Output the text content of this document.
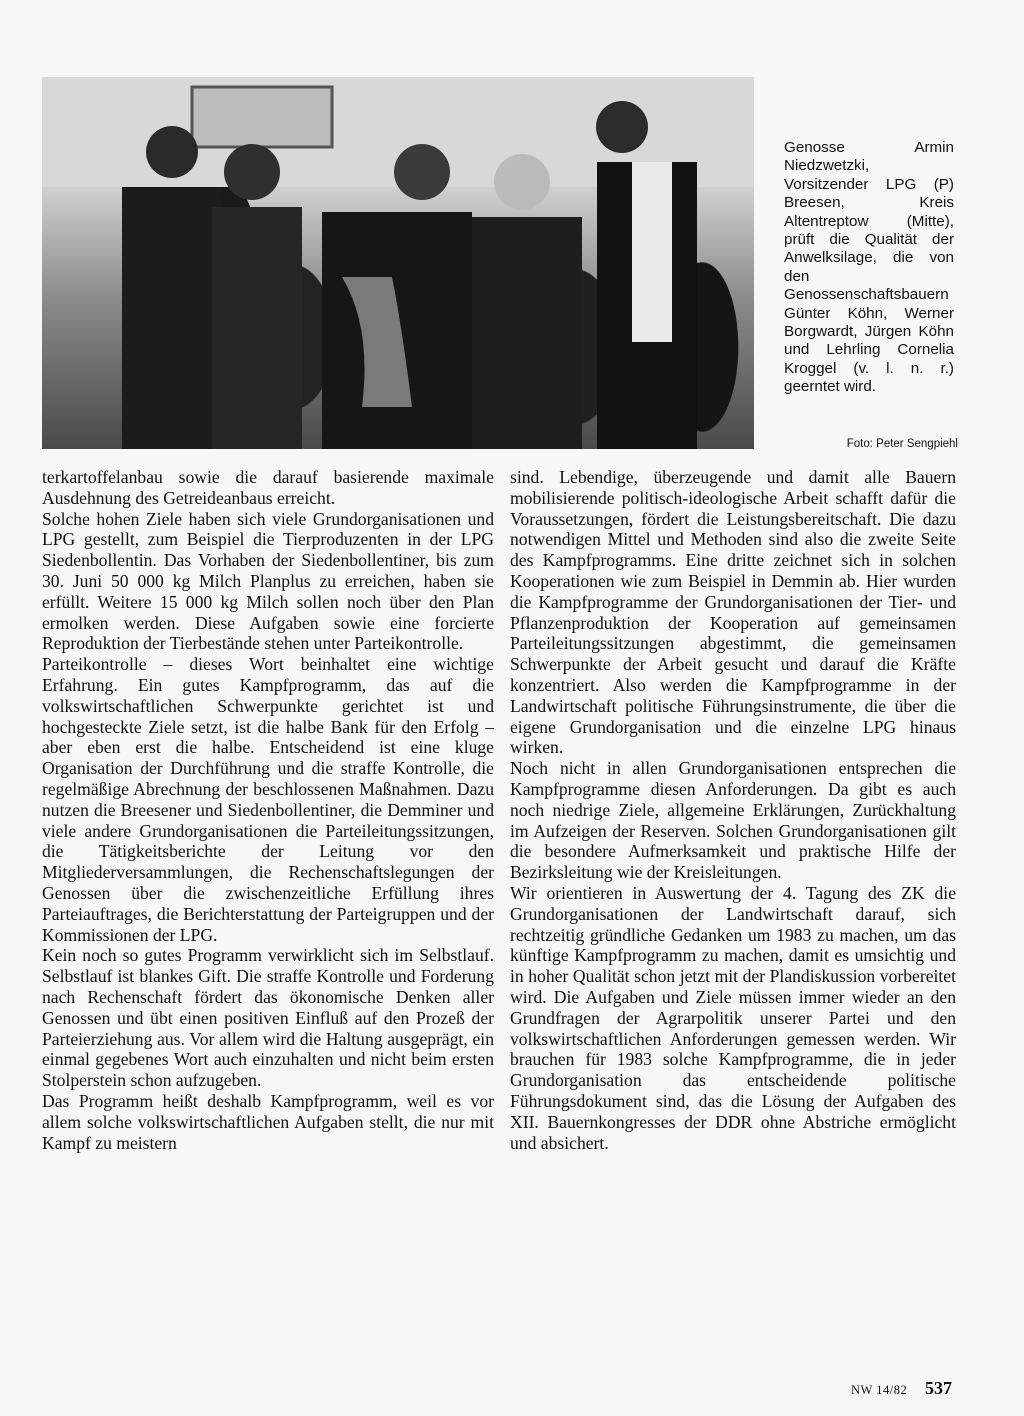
Genosse Armin Niedzwetzki, Vorsitzender LPG (P) Breesen, Kreis Altentreptow (Mitte), prüft die Qualität der Anwelksilage, die von den Genossenschaftsbauern Günter Köhn, Werner Borgwardt, Jürgen Köhn und Lehrling Cornelia Kroggel (v. l. n. r.) geerntet wird.

Foto: Peter Sengpiehl

terkartoffelanbau sowie die darauf basierende maximale Ausdehnung des Getreideanbaus erreicht.

Solche hohen Ziele haben sich viele Grundorganisationen und LPG gestellt, zum Beispiel die Tierproduzenten in der LPG Siedenbollentin. Das Vorhaben der Siedenbollentiner, bis zum 30. Juni 50 000 kg Milch Planplus zu erreichen, haben sie erfüllt. Weitere 15 000 kg Milch sollen noch über den Plan ermolken werden. Diese Aufgaben sowie eine forcierte Reproduktion der Tierbestände stehen unter Parteikontrolle.

Parteikontrolle – dieses Wort beinhaltet eine wichtige Erfahrung. Ein gutes Kampfprogramm, das auf die volkswirtschaftlichen Schwerpunkte gerichtet ist und hochgesteckte Ziele setzt, ist die halbe Bank für den Erfolg – aber eben erst die halbe. Entscheidend ist eine kluge Organisation der Durchführung und die straffe Kontrolle, die regelmäßige Abrechnung der beschlossenen Maßnahmen. Dazu nutzen die Breesener und Siedenbollentiner, die Demminer und viele andere Grundorganisationen die Parteileitungssitzungen, die Tätigkeitsberichte der Leitung vor den Mitgliederversammlungen, die Rechenschaftslegungen der Genossen über die zwischenzeitliche Erfüllung ihres Parteiauftrages, die Berichterstattung der Parteigruppen und der Kommissionen der LPG.

Kein noch so gutes Programm verwirklicht sich im Selbstlauf. Selbstlauf ist blankes Gift. Die straffe Kontrolle und Forderung nach Rechenschaft fördert das ökonomische Denken aller Genossen und übt einen positiven Einfluß auf den Prozeß der Parteierziehung aus. Vor allem wird die Haltung ausgeprägt, ein einmal gegebenes Wort auch einzuhalten und nicht beim ersten Stolperstein schon aufzugeben.

Das Programm heißt deshalb Kampfprogramm, weil es vor allem solche volkswirtschaftlichen Aufgaben stellt, die nur mit Kampf zu meistern

sind. Lebendige, überzeugende und damit alle Bauern mobilisierende politisch-ideologische Arbeit schafft dafür die Voraussetzungen, fördert die Leistungsbereitschaft. Die dazu notwendigen Mittel und Methoden sind also die zweite Seite des Kampfprogramms. Eine dritte zeichnet sich in solchen Kooperationen wie zum Beispiel in Demmin ab. Hier wurden die Kampfprogramme der Grundorganisationen der Tier- und Pflanzenproduktion der Kooperation auf gemeinsamen Parteileitungssitzungen abgestimmt, die gemeinsamen Schwerpunkte der Arbeit gesucht und darauf die Kräfte konzentriert. Also werden die Kampfprogramme in der Landwirtschaft politische Führungsinstrumente, die über die eigene Grundorganisation und die einzelne LPG hinaus wirken.

Noch nicht in allen Grundorganisationen entsprechen die Kampfprogramme diesen Anforderungen. Da gibt es auch noch niedrige Ziele, allgemeine Erklärungen, Zurückhaltung im Aufzeigen der Reserven. Solchen Grundorganisationen gilt die besondere Aufmerksamkeit und praktische Hilfe der Bezirksleitung wie der Kreisleitungen.

Wir orientieren in Auswertung der 4. Tagung des ZK die Grundorganisationen der Landwirtschaft darauf, sich rechtzeitig gründliche Gedanken um 1983 zu machen, um das künftige Kampfprogramm zu machen, damit es umsichtig und in hoher Qualität schon jetzt mit der Plandiskussion vorbereitet wird. Die Aufgaben und Ziele müssen immer wieder an den Grundfragen der Agrarpolitik unserer Partei und den volkswirtschaftlichen Anforderungen gemessen werden. Wir brauchen für 1983 solche Kampfprogramme, die in jeder Grundorganisation das entscheidende politische Führungsdokument sind, das die Lösung der Aufgaben des XII. Bauernkongresses der DDR ohne Abstriche ermöglicht und absichert.

NW 14/82 537
